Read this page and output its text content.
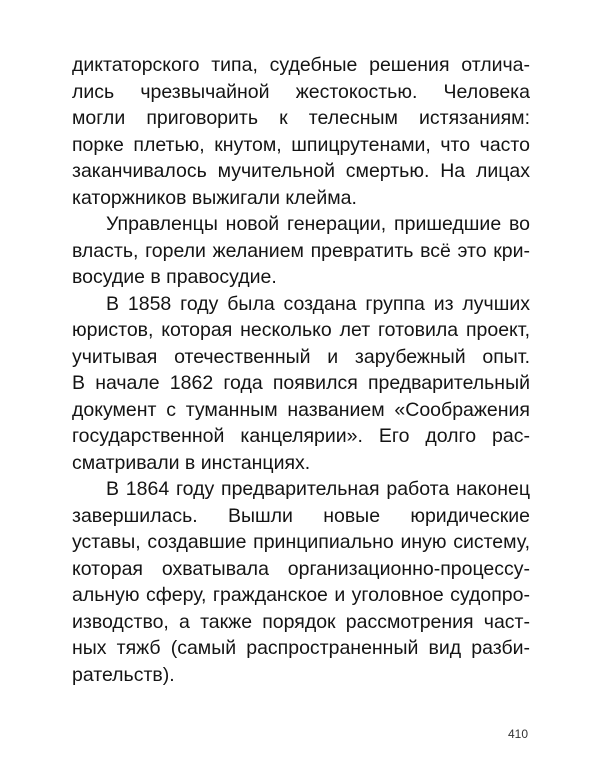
диктаторского типа, судебные решения отлича-
лись чрезвычайной жестокостью. Человека
могли приговорить к телесным истязаниям:
порке плетью, кнутом, шпицрутенами, что часто
заканчивалось мучительной смертью. На лицах
каторжников выжигали клейма.
Управленцы новой генерации, пришедшие во
власть, горели желанием превратить всё это кри-
восудие в правосудие.
В 1858 году была создана группа из лучших
юристов, которая несколько лет готовила проект,
учитывая отечественный и зарубежный опыт.
В начале 1862 года появился предварительный
документ с туманным названием «Соображения
государственной канцелярии». Его долго рас-
сматривали в инстанциях.
В 1864 году предварительная работа наконец
завершилась. Вышли новые юридические
уставы, создавшие принципиально иную систему,
которая охватывала организационно-процессу-
альную сферу, гражданское и уголовное судопро-
изводство, а также порядок рассмотрения част-
ных тяжб (самый распространенный вид разби-
рательств).
410
